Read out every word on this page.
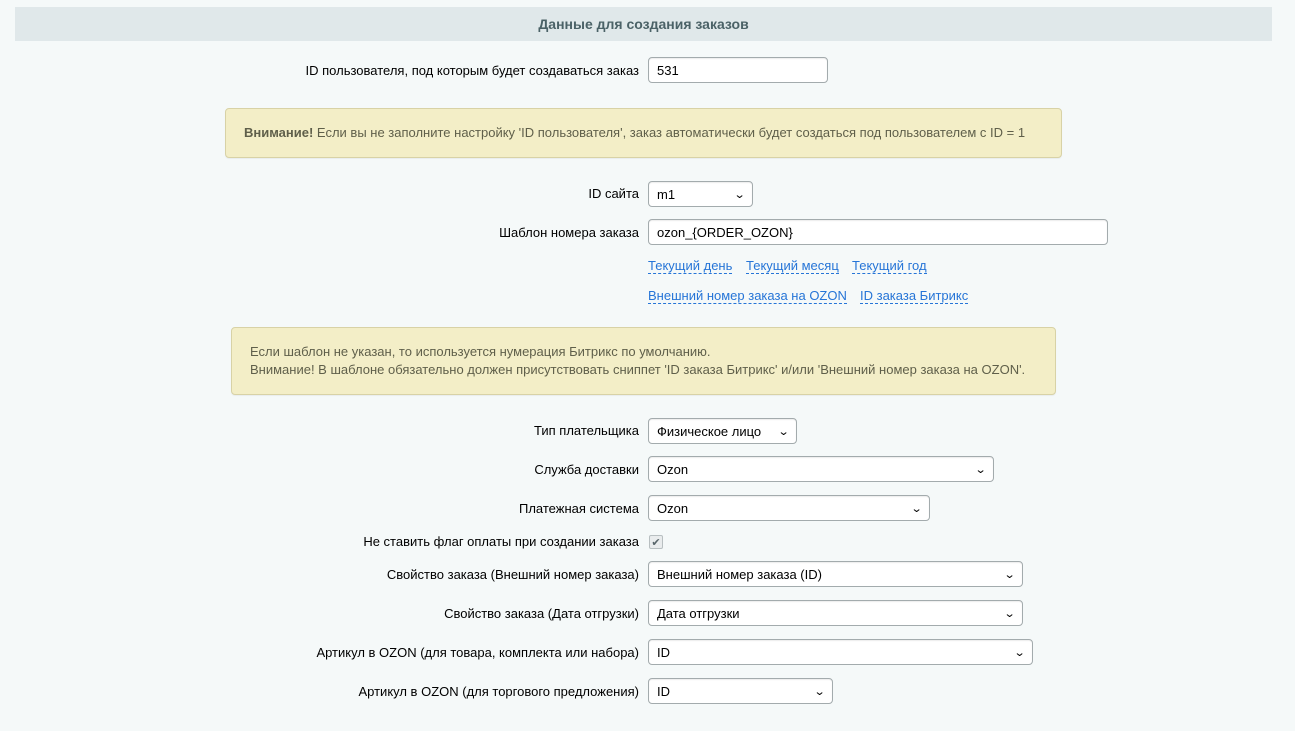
Данные для создания заказов
ID пользователя, под которым будет создаваться заказ 531
Внимание! Если вы не заполните настройку 'ID пользователя', заказ автоматически будет создаться под пользователем с ID = 1
ID сайта m1	⌄
Шаблон номера заказа ozon_{ORDER_OZON}
Текущий день Текущий месяц Текущий год
Внешний номер заказа на OZON ID заказа Битрикс
Если шаблон не указан, то используется нумерация Битрикс по умолчанию.
Внимание! В шаблоне обязательно должен присутствовать сниппет 'ID заказа Битрикс' и/или 'Внешний номер заказа на OZON'.
Тип плательщика Физическое лицо ⌄
Служба доставки Ozon	⌄
Платежная система Ozon	⌄
Не ставить флаг оплаты при создании заказа ✔
Свойство заказа (Внешний номер заказа) Внешний номер заказа (ID)	⌄
Свойство заказа (Дата отгрузки) Дата отгрузки	⌄
Артикул в OZON (для товара, комплекта или набора) ID	⌄
Артикул в OZON (для торгового предложения) ID	⌄
